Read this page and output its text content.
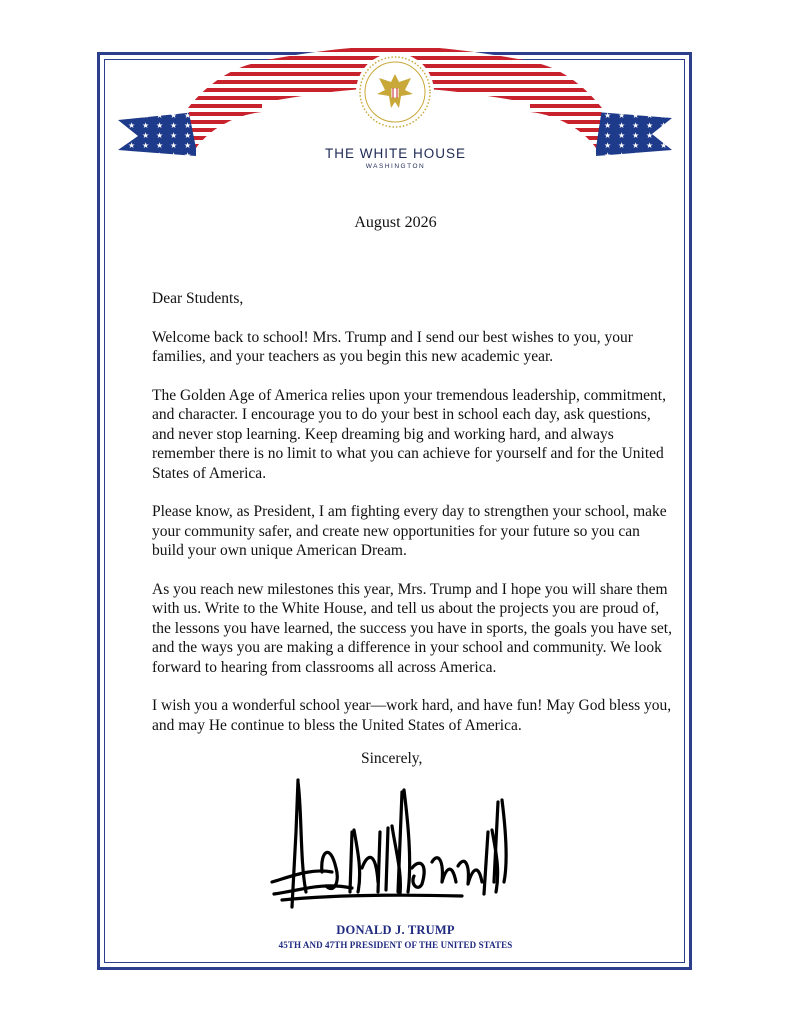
THE WHITE HOUSE
WASHINGTON
August 2026

Dear Students,

Welcome back to school! Mrs. Trump and I send our best wishes to you, your families, and your teachers as you begin this new academic year.

The Golden Age of America relies upon your tremendous leadership, commitment, and character. I encourage you to do your best in school each day, ask questions, and never stop learning. Keep dreaming big and working hard, and always remember there is no limit to what you can achieve for yourself and for the United States of America.

Please know, as President, I am fighting every day to strengthen your school, make your community safer, and create new opportunities for your future so you can build your own unique American Dream.

As you reach new milestones this year, Mrs. Trump and I hope you will share them with us. Write to the White House, and tell us about the projects you are proud of, the lessons you have learned, the success you have in sports, the goals you have set, and the ways you are making a difference in your school and community. We look forward to hearing from classrooms all across America.

I wish you a wonderful school year—work hard, and have fun! May God bless you, and may He continue to bless the United States of America.

Sincerely,
DONALD J. TRUMP
45TH AND 47TH PRESIDENT OF THE UNITED STATES
